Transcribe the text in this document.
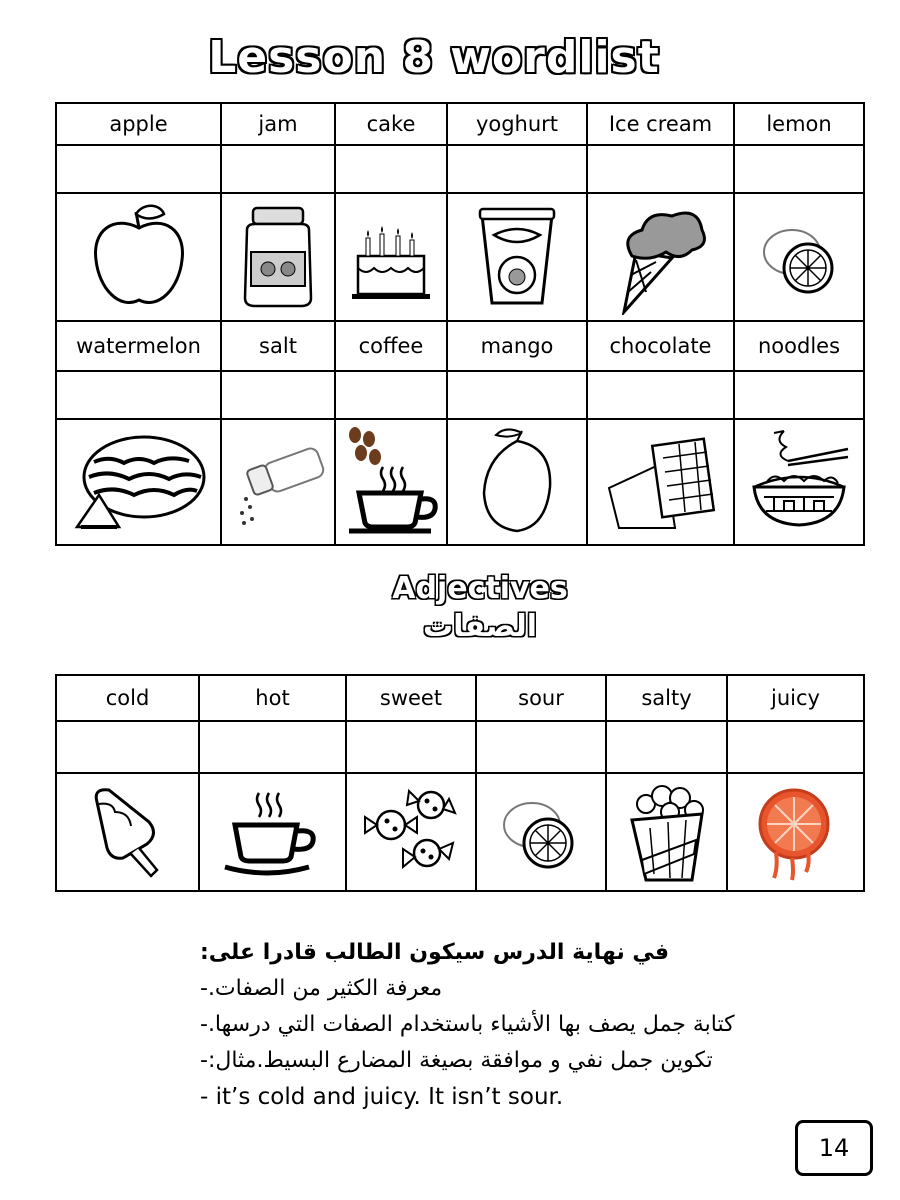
Lesson 8 wordlist
apple	jam	cake	yoghurt	Ice cream	lemon

watermelon	salt	coffee	mango	chocolate	noodles

Adjectives
الصفات
cold	hot	sweet	sour	salty	juicy

في نهاية الدرس سيكون الطالب قادرا على:
معرفة الكثير من الصفات.-
كتابة جمل يصف بها الأشياء باستخدام الصفات التي درسها.-
تكوين جمل نفي و موافقة بصيغة المضارع البسيط.مثال:-
- it’s cold and juicy. It isn’t sour.
14
